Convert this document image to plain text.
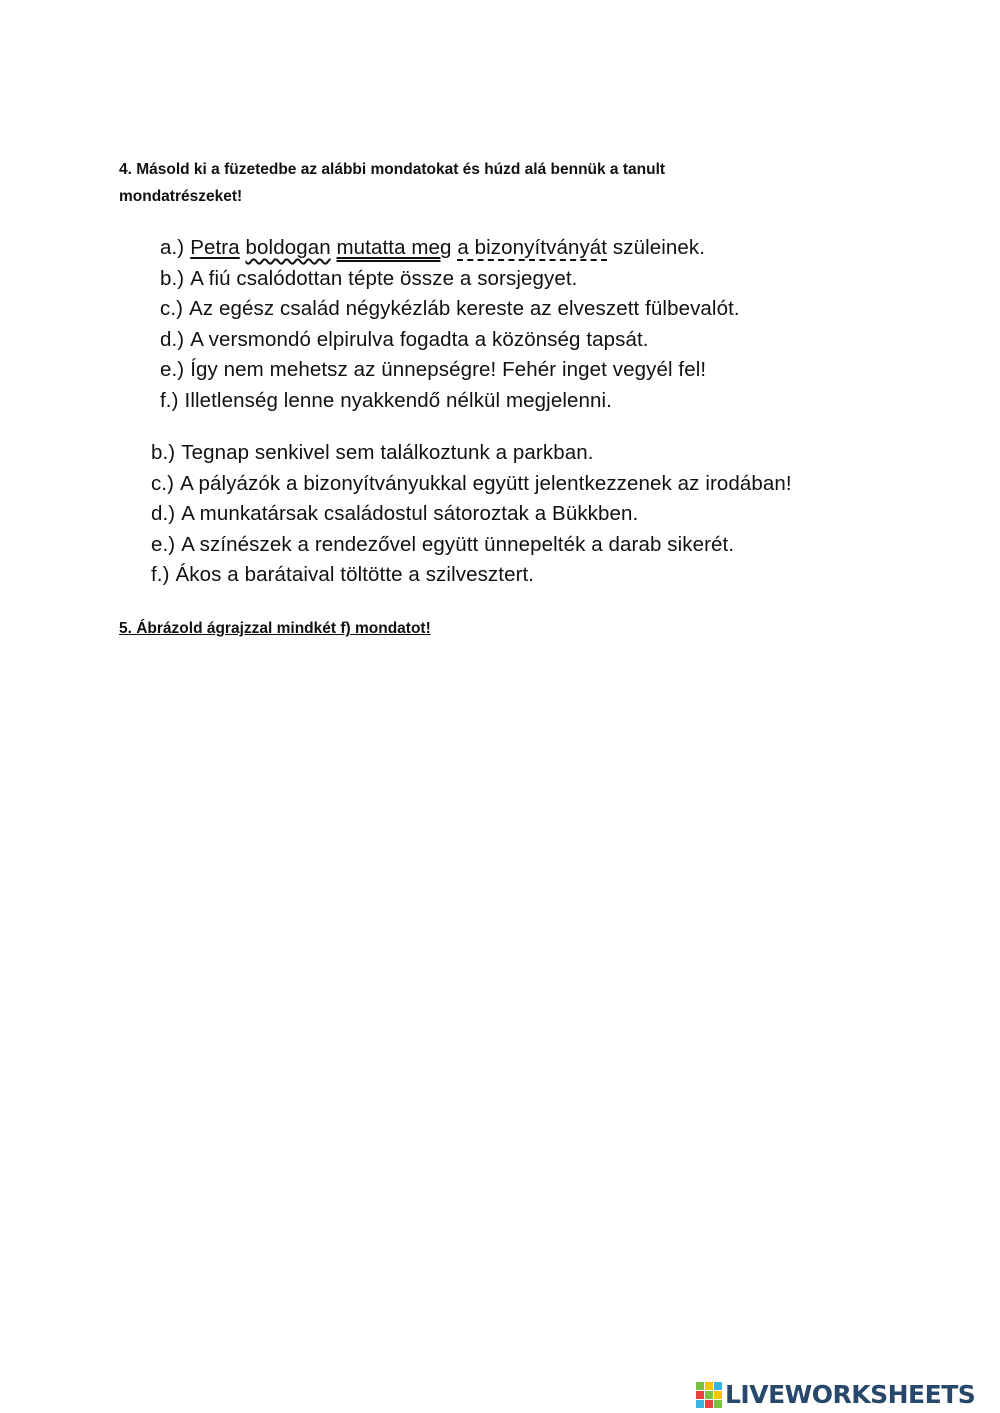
4. Másold ki a füzetedbe az alábbi mondatokat és húzd alá bennük a tanult
mondatrészeket!
a.) Petra boldogan mutatta meg a bizonyítványát szüleinek.
b.) A fiú csalódottan tépte össze a sorsjegyet.
c.) Az egész család négykézláb kereste az elveszett fülbevalót.
d.) A versmondó elpirulva fogadta a közönség tapsát.
e.) Így nem mehetsz az ünnepségre! Fehér inget vegyél fel!
f.) Illetlenség lenne nyakkendő nélkül megjelenni.
b.) Tegnap senkivel sem találkoztunk a parkban.
c.) A pályázók a bizonyítványukkal együtt jelentkezzenek az irodában!
d.) A munkatársak családostul sátoroztak a Bükkben.
e.) A színészek a rendezővel együtt ünnepelték a darab sikerét.
f.) Ákos a barátaival töltötte a szilvesztert.
5. Ábrázold ágrajzzal mindkét f) mondatot!
LIVEWORKSHEETS
